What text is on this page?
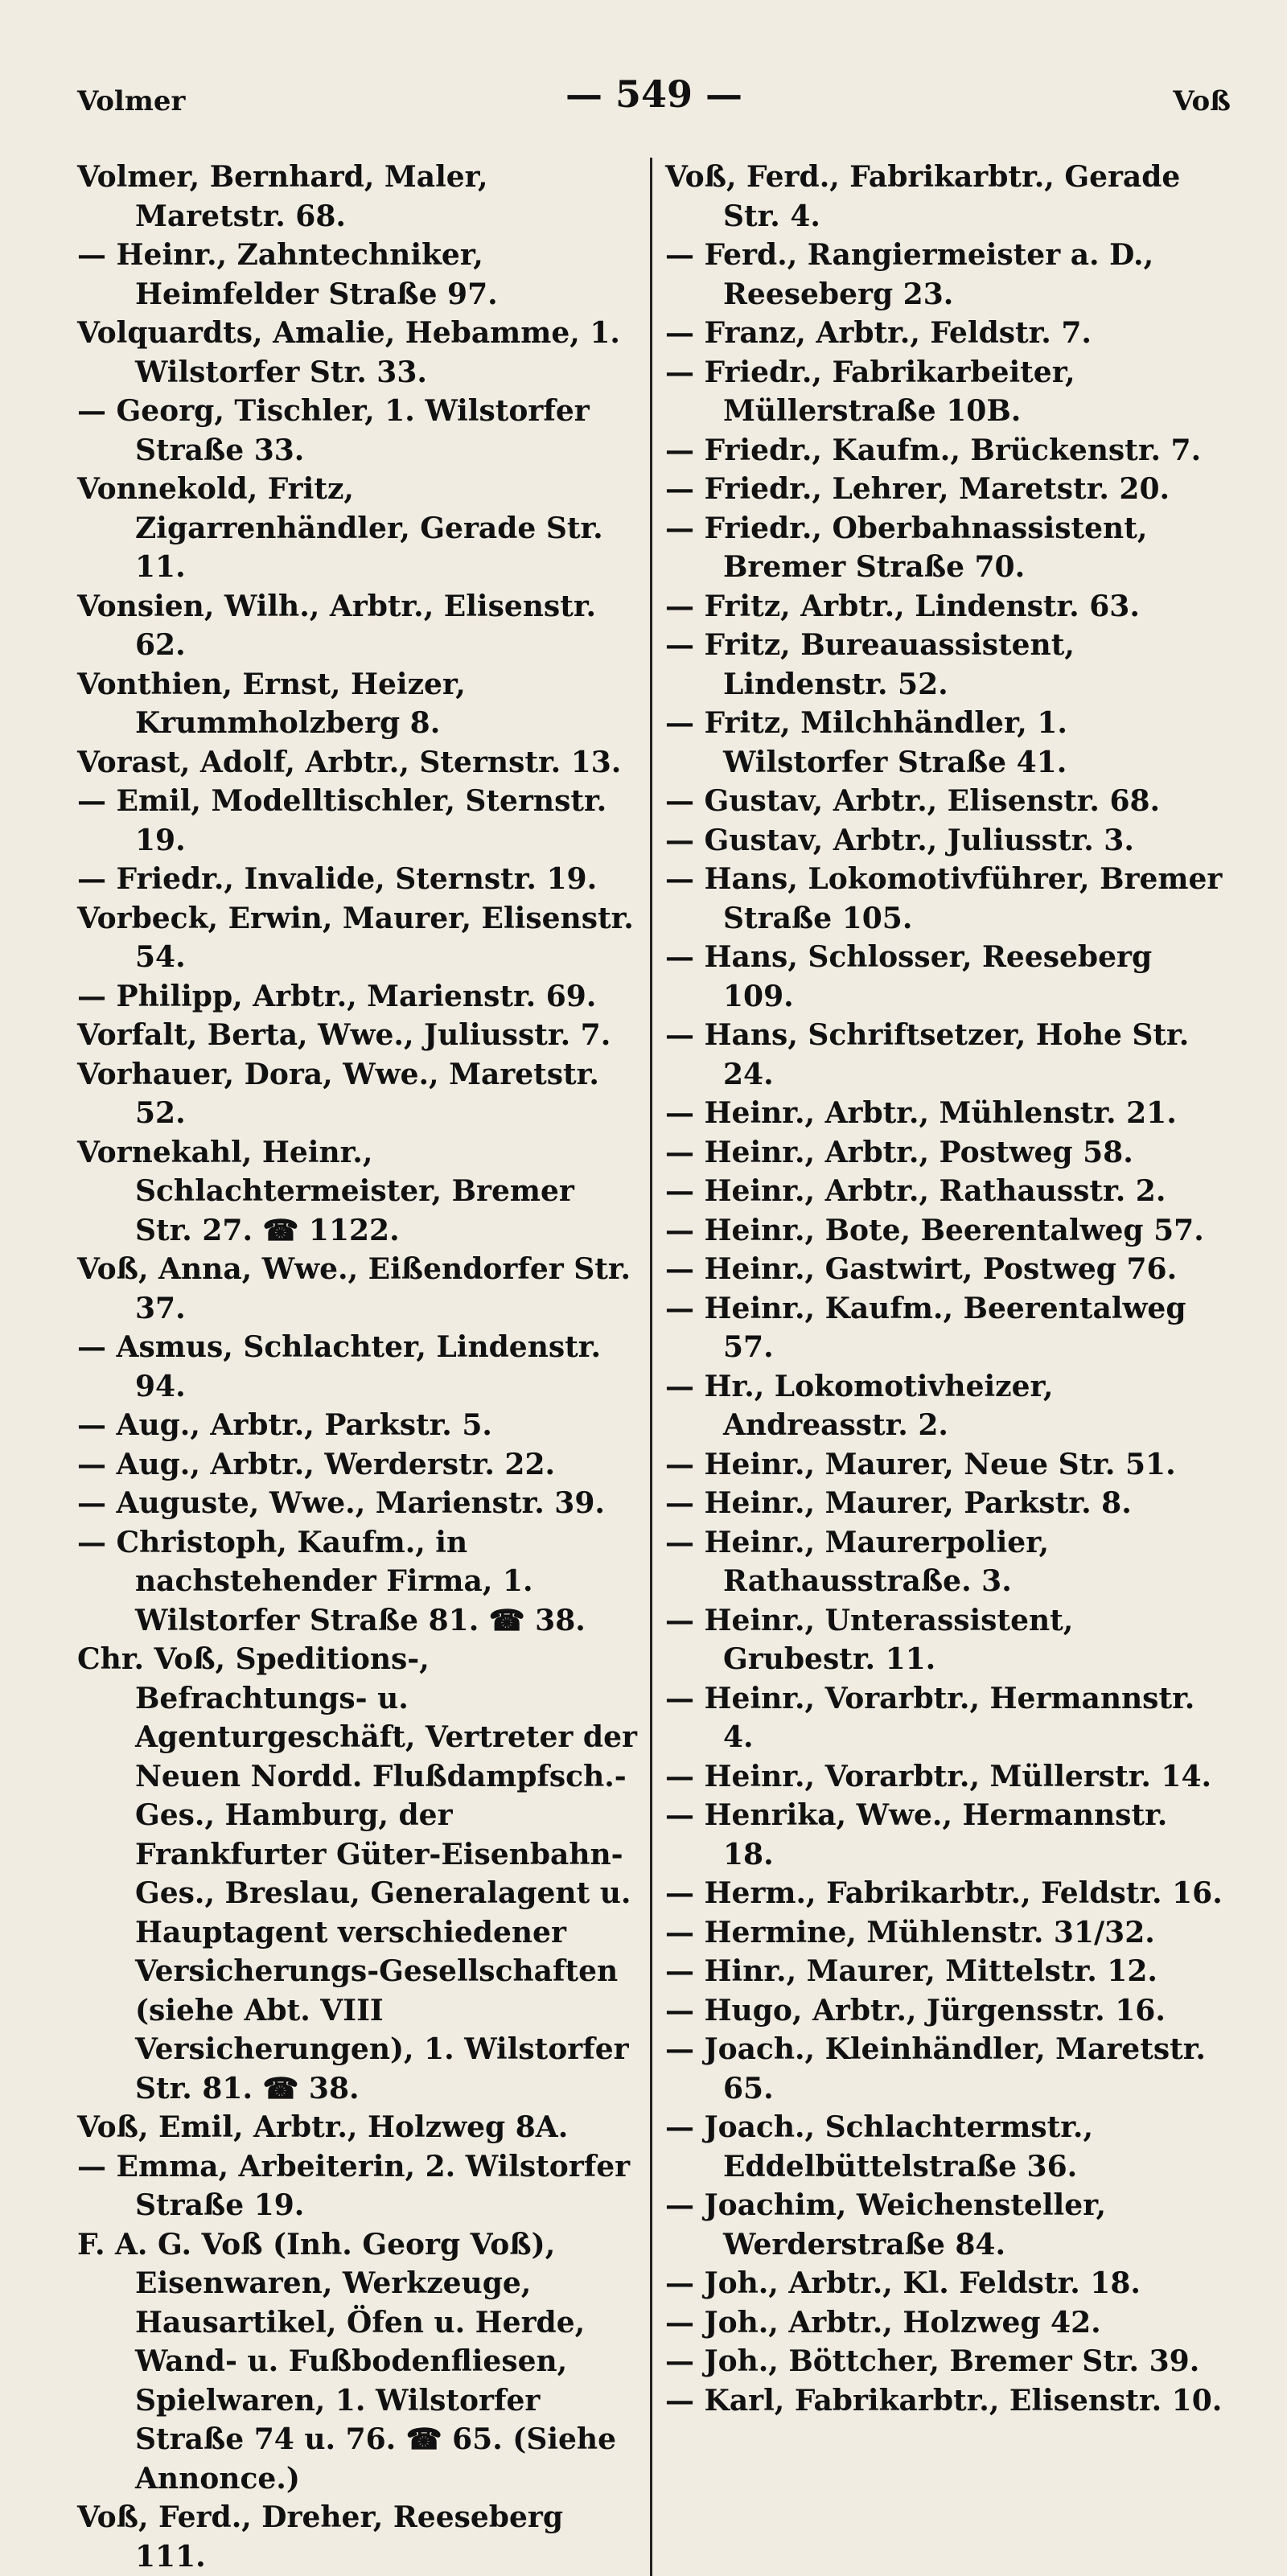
Volmer	— 549 —	Voß
Volmer, Bernhard, Maler, Maretstr. 68.
— Heinr., Zahntechniker, Heimfelder Straße 97.
Volquardts, Amalie, Hebamme, 1. Wilstorfer Str. 33.
— Georg, Tischler, 1. Wilstorfer Straße 33.
Vonnekold, Fritz, Zigarrenhändler, Gerade Str. 11.
Vonsien, Wilh., Arbtr., Elisenstr. 62.
Vonthien, Ernst, Heizer, Krummholzberg 8.
Vorast, Adolf, Arbtr., Sternstr. 13.
— Emil, Modelltischler, Sternstr. 19.
— Friedr., Invalide, Sternstr. 19.
Vorbeck, Erwin, Maurer, Elisenstr. 54.
— Philipp, Arbtr., Marienstr. 69.
Vorfalt, Berta, Wwe., Juliusstr. 7.
Vorhauer, Dora, Wwe., Maretstr. 52.
Vornekahl, Heinr., Schlachtermeister, Bremer Str. 27. ☎ 1122.
Voß, Anna, Wwe., Eißendorfer Str. 37.
— Asmus, Schlachter, Lindenstr. 94.
— Aug., Arbtr., Parkstr. 5.
— Aug., Arbtr., Werderstr. 22.
— Auguste, Wwe., Marienstr. 39.
— Christoph, Kaufm., in nachstehender Firma, 1. Wilstorfer Straße 81. ☎ 38.
Chr. Voß, Speditions-, Befrachtungs- u. Agenturgeschäft, Vertreter der Neuen Nordd. Flußdampfsch.-Ges., Hamburg, der Frankfurter Güter-Eisenbahn-Ges., Breslau, Generalagent u. Hauptagent verschiedener Versicherungs-Gesellschaften (siehe Abt. VIII Versicherungen), 1. Wilstorfer Str. 81. ☎ 38.
Voß, Emil, Arbtr., Holzweg 8A.
— Emma, Arbeiterin, 2. Wilstorfer Straße 19.
F. A. G. Voß (Inh. Georg Voß), Eisenwaren, Werkzeuge, Hausartikel, Öfen u. Herde, Wand- u. Fußbodenfliesen, Spielwaren, 1. Wilstorfer Straße 74 u. 76. ☎ 65. (Siehe Annonce.)
Voß, Ferd., Dreher, Reeseberg 111.
Voß, Ferd., Fabrikarbtr., Gerade Str. 4.
— Ferd., Rangiermeister a. D., Reeseberg 23.
— Franz, Arbtr., Feldstr. 7.
— Friedr., Fabrikarbeiter, Müllerstraße 10B.
— Friedr., Kaufm., Brückenstr. 7.
— Friedr., Lehrer, Maretstr. 20.
— Friedr., Oberbahnassistent, Bremer Straße 70.
— Fritz, Arbtr., Lindenstr. 63.
— Fritz, Bureauassistent, Lindenstr. 52.
— Fritz, Milchhändler, 1. Wilstorfer Straße 41.
— Gustav, Arbtr., Elisenstr. 68.
— Gustav, Arbtr., Juliusstr. 3.
— Hans, Lokomotivführer, Bremer Straße 105.
— Hans, Schlosser, Reeseberg 109.
— Hans, Schriftsetzer, Hohe Str. 24.
— Heinr., Arbtr., Mühlenstr. 21.
— Heinr., Arbtr., Postweg 58.
— Heinr., Arbtr., Rathausstr. 2.
— Heinr., Bote, Beerentalweg 57.
— Heinr., Gastwirt, Postweg 76.
— Heinr., Kaufm., Beerentalweg 57.
— Hr., Lokomotivheizer, Andreasstr. 2.
— Heinr., Maurer, Neue Str. 51.
— Heinr., Maurer, Parkstr. 8.
— Heinr., Maurerpolier, Rathausstraße. 3.
— Heinr., Unterassistent, Grubestr. 11.
— Heinr., Vorarbtr., Hermannstr. 4.
— Heinr., Vorarbtr., Müllerstr. 14.
— Henrika, Wwe., Hermannstr. 18.
— Herm., Fabrikarbtr., Feldstr. 16.
— Hermine, Mühlenstr. 31/32.
— Hinr., Maurer, Mittelstr. 12.
— Hugo, Arbtr., Jürgensstr. 16.
— Joach., Kleinhändler, Maretstr. 65.
— Joach., Schlachtermstr., Eddelbüttelstraße 36.
— Joachim, Weichensteller, Werderstraße 84.
— Joh., Arbtr., Kl. Feldstr. 18.
— Joh., Arbtr., Holzweg 42.
— Joh., Böttcher, Bremer Str. 39.
— Karl, Fabrikarbtr., Elisenstr. 10.
